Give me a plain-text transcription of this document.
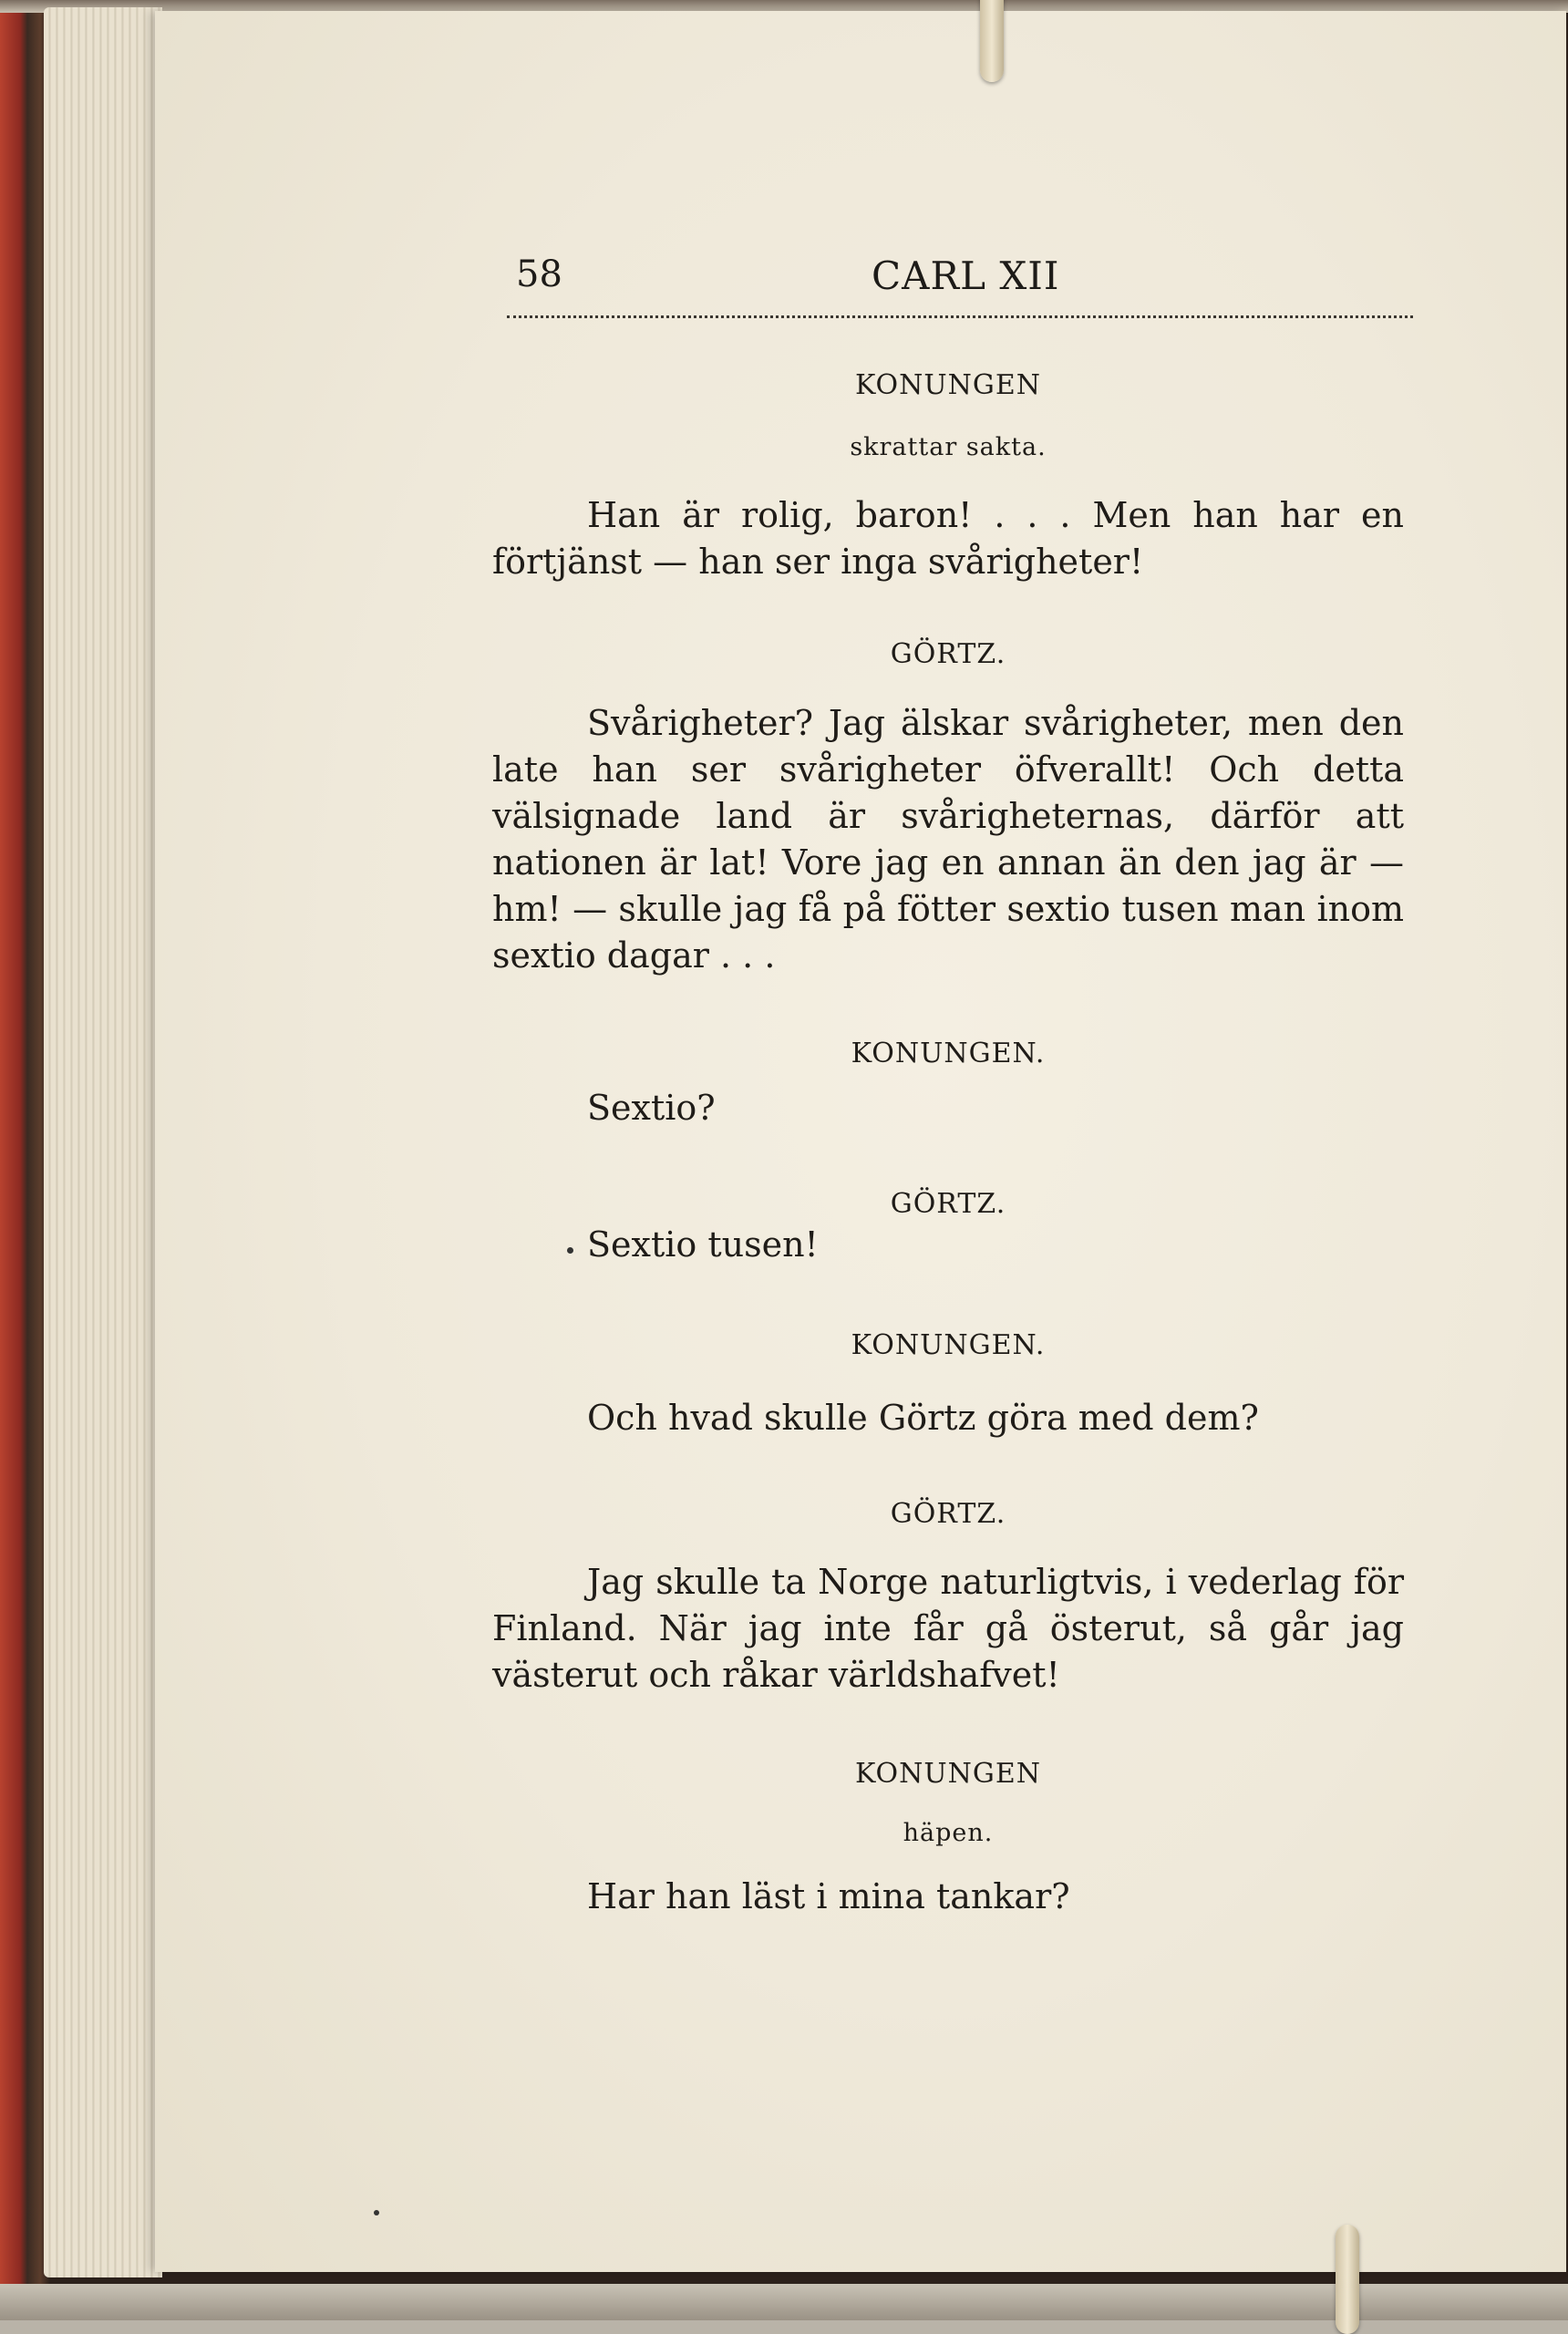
58	CARL XII
KONUNGEN
skrattar sakta.

Han är rolig, baron! . . . Men han har en förtjänst — han ser inga svårigheter!

GÖRTZ.

Svårigheter? Jag älskar svårigheter, men den late han ser svårigheter öfverallt! Och detta välsignade land är svårigheternas, därför att nationen är lat! Vore jag en annan än den jag är — hm! — skulle jag få på fötter sextio tusen man inom sextio dagar . . .

KONUNGEN.

Sextio?

GÖRTZ.

Sextio tusen!

KONUNGEN.

Och hvad skulle Görtz göra med dem?

GÖRTZ.

Jag skulle ta Norge naturligtvis, i vederlag för Finland. När jag inte får gå österut, så går jag västerut och råkar världshafvet!

KONUNGEN
häpen.

Har han läst i mina tankar?
